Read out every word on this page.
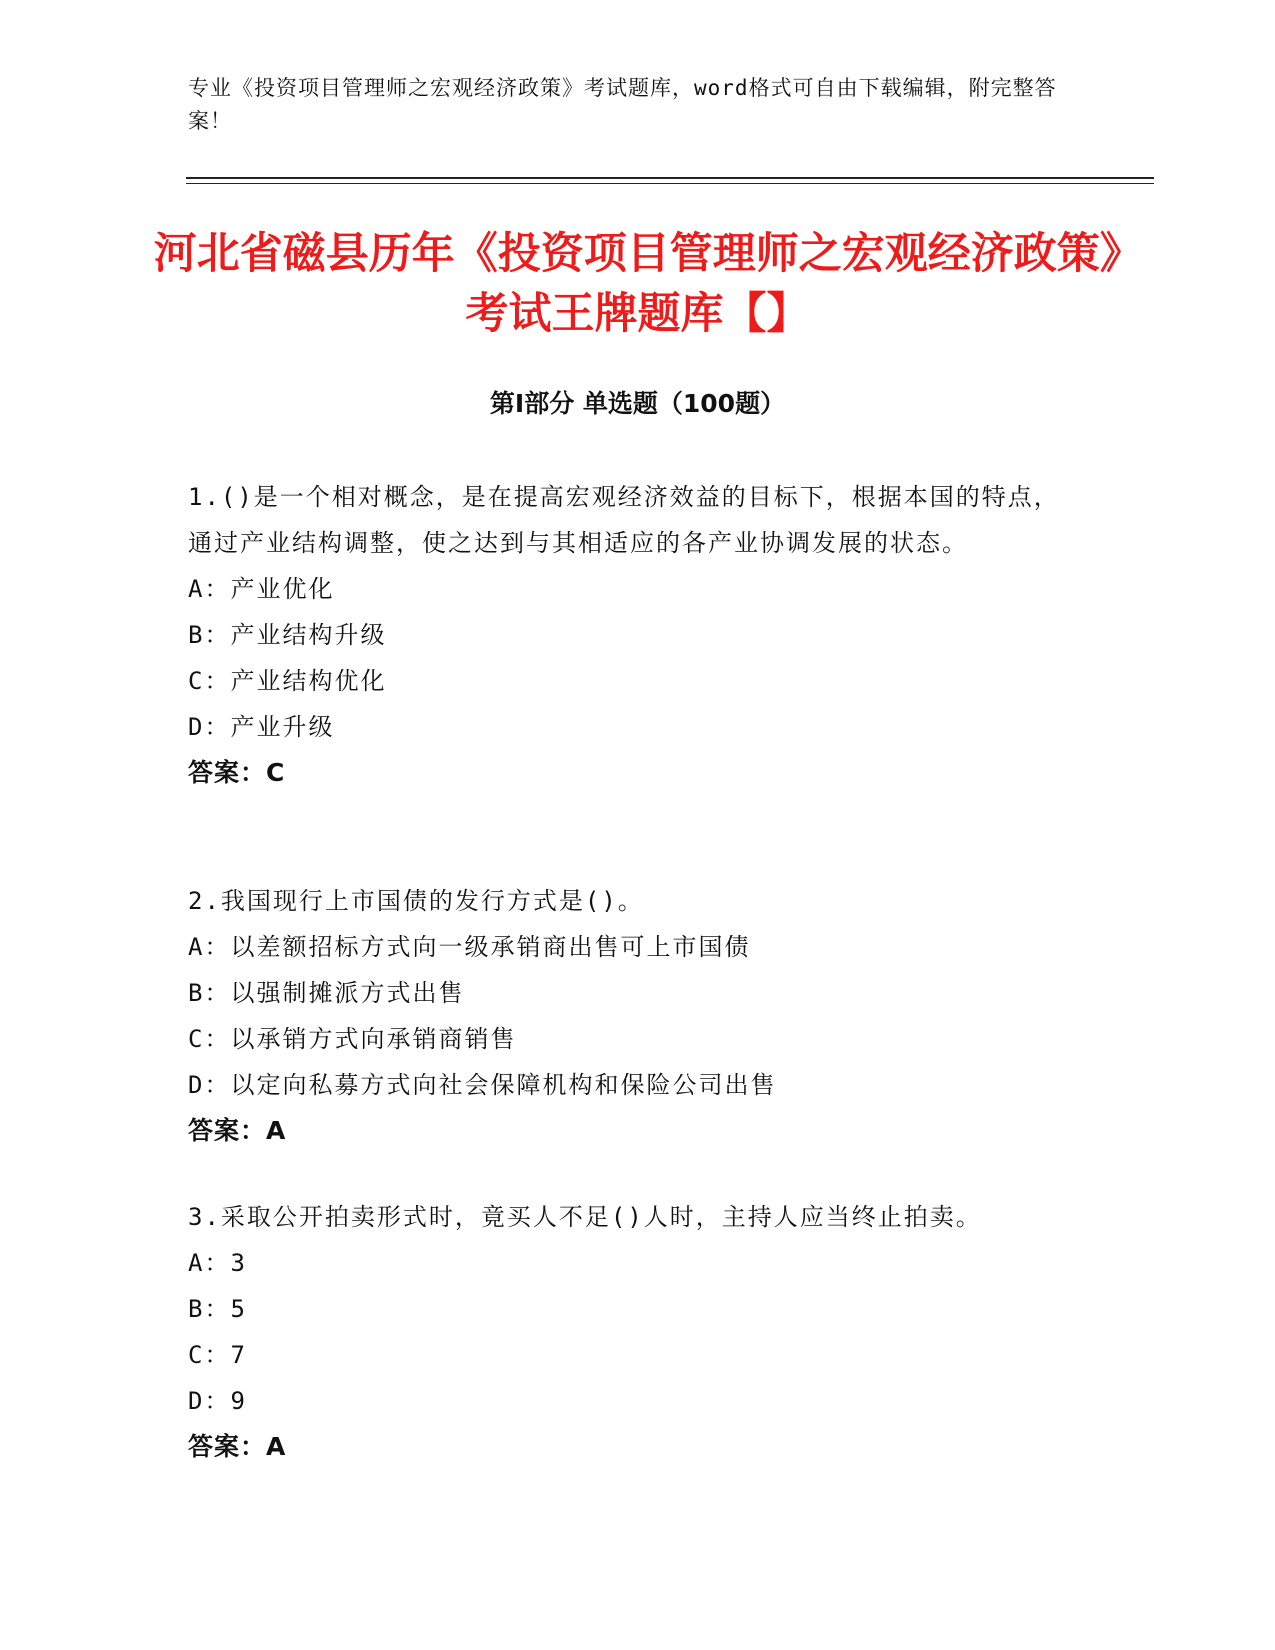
专业《投资项目管理师之宏观经济政策》考试题库，word格式可自由下载编辑，附完整答案！
河北省磁县历年《投资项目管理师之宏观经济政策》考试王牌题库【】
第Ⅰ部分 单选题（100题）
1.()是一个相对概念，是在提高宏观经济效益的目标下，根据本国的特点，通过产业结构调整，使之达到与其相适应的各产业协调发展的状态。
A：产业优化
B：产业结构升级
C：产业结构优化
D：产业升级
答案：C
2.我国现行上市国债的发行方式是()。
A：以差额招标方式向一级承销商出售可上市国债
B：以强制摊派方式出售
C：以承销方式向承销商销售
D：以定向私募方式向社会保障机构和保险公司出售
答案：A
3.采取公开拍卖形式时，竟买人不足()人时，主持人应当终止拍卖。
A：3
B：5
C：7
D：9
答案：A
